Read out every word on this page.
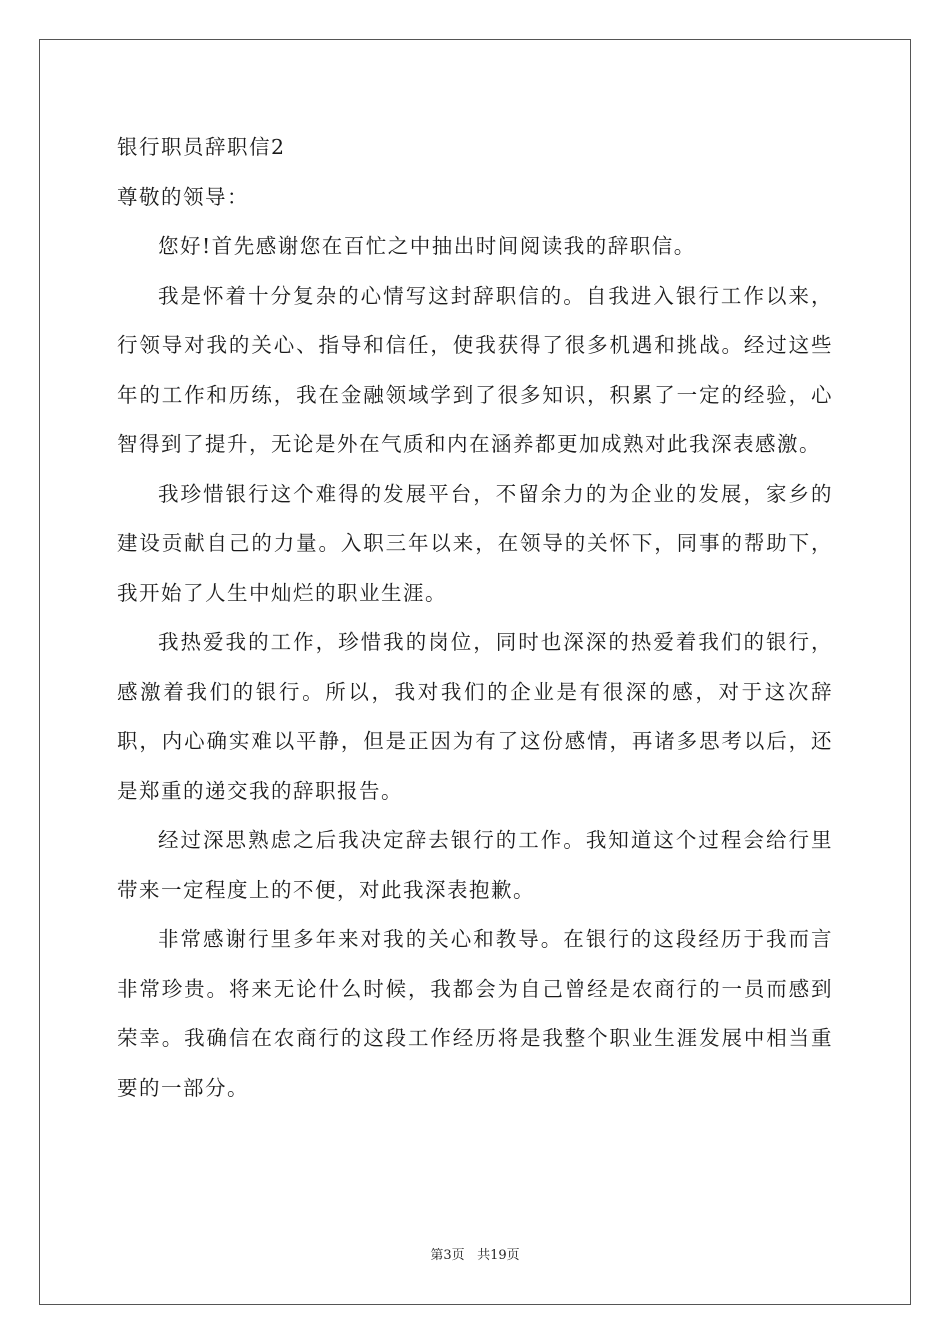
银行职员辞职信2

尊敬的领导：

您好!首先感谢您在百忙之中抽出时间阅读我的辞职信。

我是怀着十分复杂的心情写这封辞职信的。自我进入银行工作以来，行领导对我的关心、指导和信任，使我获得了很多机遇和挑战。经过这些年的工作和历练，我在金融领域学到了很多知识，积累了一定的经验，心智得到了提升，无论是外在气质和内在涵养都更加成熟对此我深表感激。

我珍惜银行这个难得的发展平台，不留余力的为企业的发展，家乡的建设贡献自己的力量。入职三年以来，在领导的关怀下，同事的帮助下，我开始了人生中灿烂的职业生涯。

我热爱我的工作，珍惜我的岗位，同时也深深的热爱着我们的银行，感激着我们的银行。所以，我对我们的企业是有很深的感，对于这次辞职，内心确实难以平静，但是正因为有了这份感情，再诸多思考以后，还是郑重的递交我的辞职报告。

经过深思熟虑之后我决定辞去银行的工作。我知道这个过程会给行里带来一定程度上的不便，对此我深表抱歉。

非常感谢行里多年来对我的关心和教导。在银行的这段经历于我而言非常珍贵。将来无论什么时候，我都会为自己曾经是农商行的一员而感到荣幸。我确信在农商行的这段工作经历将是我整个职业生涯发展中相当重要的一部分。

第3页 共19页
